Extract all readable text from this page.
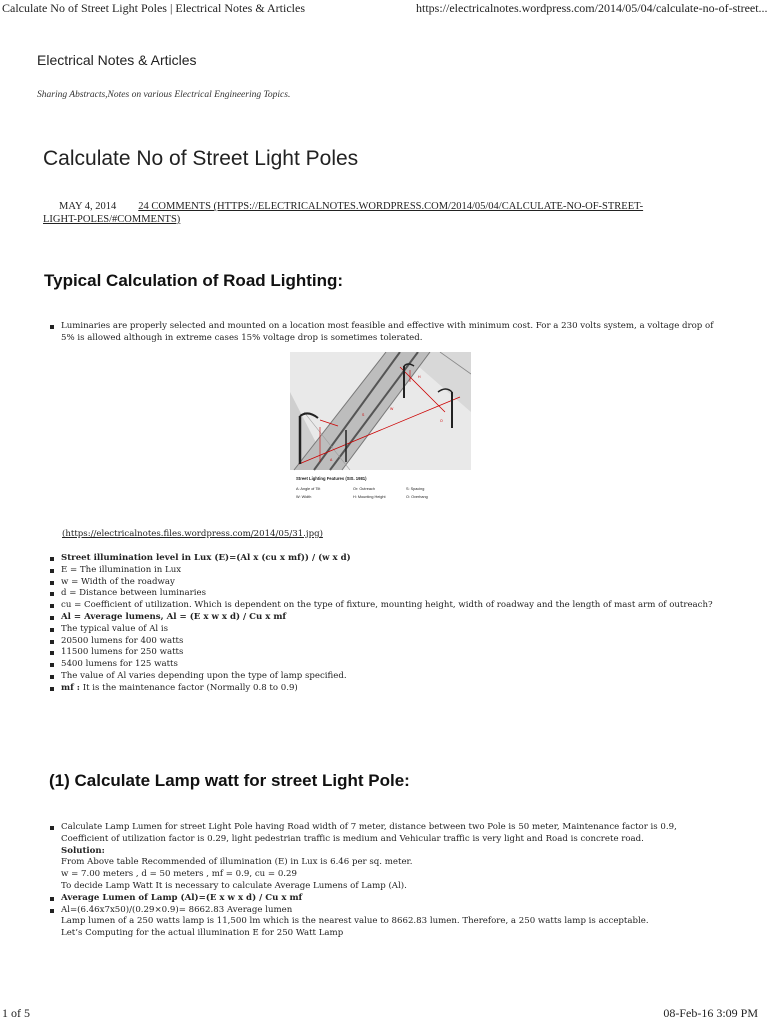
Calculate No of Street Light Poles | Electrical Notes & Articles	https://electricalnotes.wordpress.com/2014/05/04/calculate-no-of-street...
Electrical Notes & Articles
Sharing Abstracts,Notes on various Electrical Engineering Topics.
Calculate No of Street Light Poles
MAY 4, 2014 24 COMMENTS (HTTPS://ELECTRICALNOTES.WORDPRESS.COM/2014/05/04/CALCULATE-NO-OF-STREET-
LIGHT-POLES/#COMMENTS)
Typical Calculation of Road Lighting:
Luminaries are properly selected and mounted on a location most feasible and effective with minimum cost. For a 230 volts system, a voltage drop of 5% is allowed although in extreme cases 15% voltage drop is sometimes tolerated.
H
S
W
O
A
Street Lighting Features (SIS. 1981)
A: Angle of Tilt	Or: Outreach	S: Spacing
W: Width	H: Mounting Height	O: Overhang
(https://electricalnotes.files.wordpress.com/2014/05/31.jpg)
Street illumination level in Lux (E)=(Al x (cu x mf)) / (w x d)
E = The illumination in Lux
w = Width of the roadway
d = Distance between luminaries
cu = Coefficient of utilization. Which is dependent on the type of fixture, mounting height, width of roadway and the length of mast arm of outreach?
Al = Average lumens, Al = (E x w x d) / Cu x mf
The typical value of Al is
20500 lumens for 400 watts
11500 lumens for 250 watts
5400 lumens for 125 watts
The value of Al varies depending upon the type of lamp specified.
mf : It is the maintenance factor (Normally 0.8 to 0.9)
(1) Calculate Lamp watt for street Light Pole:
Calculate Lamp Lumen for street Light Pole having Road width of 7 meter, distance between two Pole is 50 meter, Maintenance factor is 0.9, Coefficient of utilization factor is 0.29, light pedestrian traffic is medium and Vehicular traffic is very light and Road is concrete road.
Solution:
From Above table Recommended of illumination (E) in Lux is 6.46 per sq. meter.
w = 7.00 meters , d = 50 meters , mf = 0.9, cu = 0.29
To decide Lamp Watt It is necessary to calculate Average Lumens of Lamp (Al).
Average Lumen of Lamp (Al)=(E x w x d) / Cu x mf
Al=(6.46x7x50)/(0.29×0.9)= 8662.83 Average lumen
Lamp lumen of a 250 watts lamp is 11,500 lm which is the nearest value to 8662.83 lumen. Therefore, a 250 watts lamp is acceptable.
Let’s Computing for the actual illumination E for 250 Watt Lamp
1 of 5	08-Feb-16 3:09 PM
